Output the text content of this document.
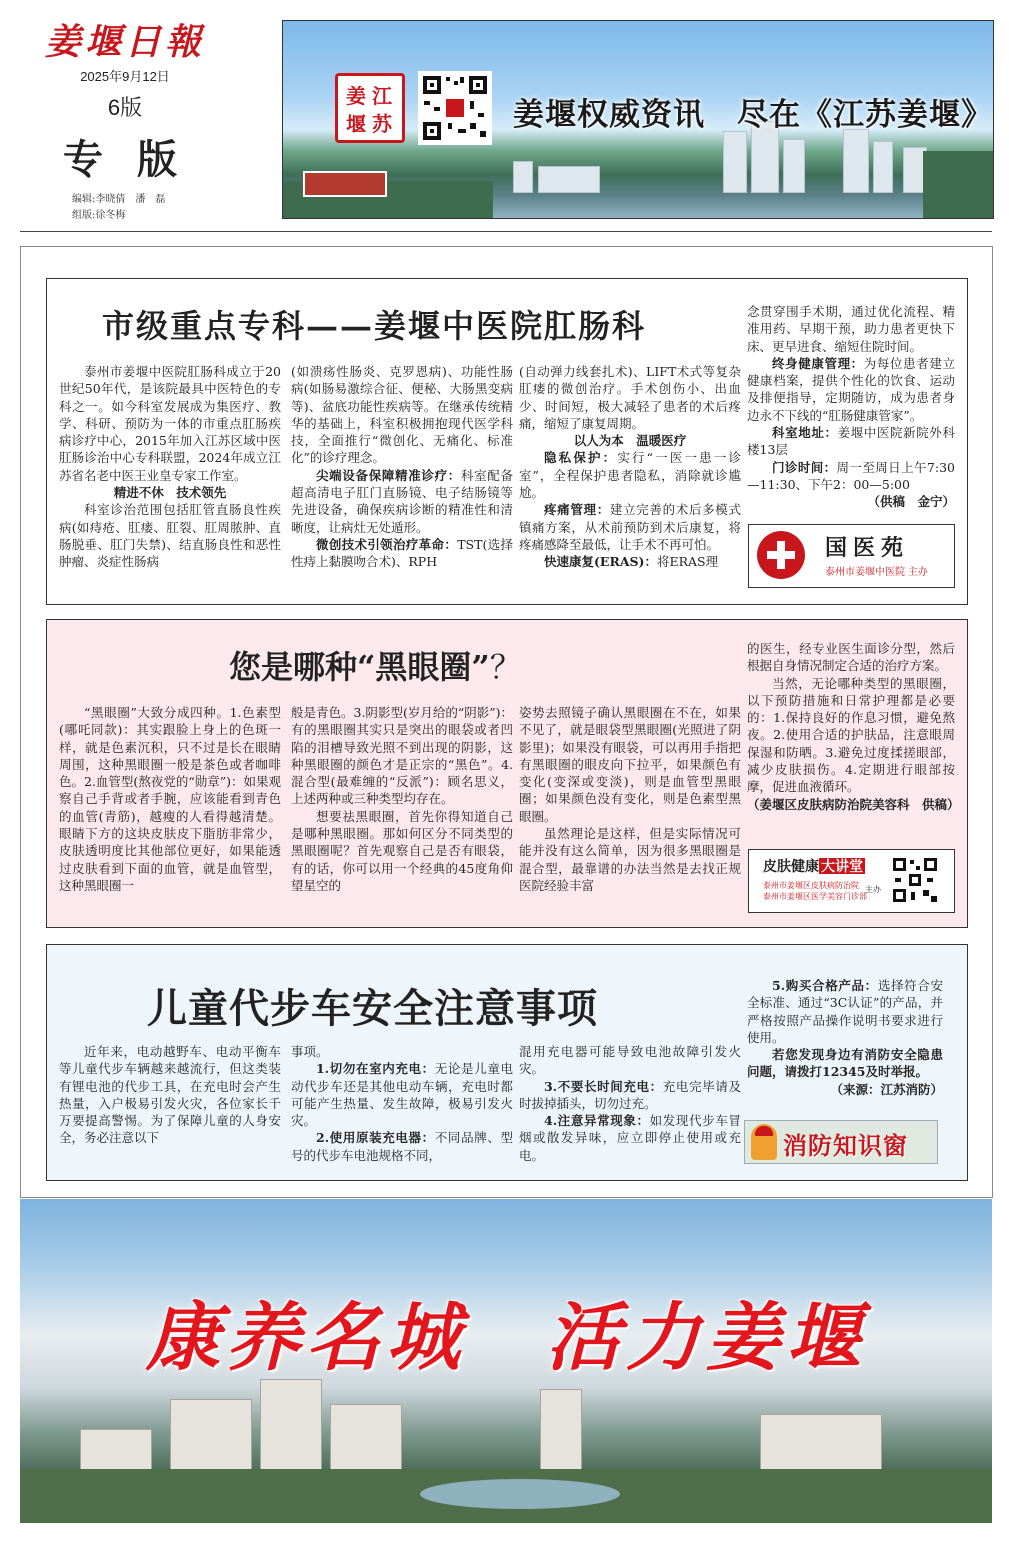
姜堰日報
2025年9月12日
6版
专 版
编辑:李晓倩　潘　磊
组版:徐冬梅
江
苏
姜
堰	姜堰权威资讯　尽在《江苏姜堰》
市级重点专科——姜堰中医院肛肠科

泰州市姜堰中医院肛肠科成立于20世纪50年代，是该院最具中医特色的专科之一。如今科室发展成为集医疗、教学、科研、预防为一体的市重点肛肠疾病诊疗中心，2015年加入江苏区域中医肛肠诊治中心专科联盟，2024年成立江苏省名老中医王业皇专家工作室。

精进不休　技术领先

科室诊治范围包括肛管直肠良性疾病(如痔疮、肛瘘、肛裂、肛周脓肿、直肠脱垂、肛门失禁)、结直肠良性和恶性肿瘤、炎症性肠病

(如溃疡性肠炎、克罗恩病)、功能性肠病(如肠易激综合征、便秘、大肠黑变病等)、盆底功能性疾病等。在继承传统精华的基础上，科室积极拥抱现代医学科技，全面推行“微创化、无痛化、标准化”的诊疗理念。

尖端设备保障精准诊疗：科室配备超高清电子肛门直肠镜、电子结肠镜等先进设备，确保疾病诊断的精准性和清晰度，让病灶无处遁形。

微创技术引领治疗革命：TST(选择性痔上黏膜吻合术)、RPH

(自动弹力线套扎术)、LIFT术式等复杂肛瘘的微创治疗。手术创伤小、出血少、时间短，极大减轻了患者的术后疼痛，缩短了康复周期。

以人为本　温暖医疗

隐私保护：实行“一医一患一诊室”，全程保护患者隐私，消除就诊尴尬。

疼痛管理：建立完善的术后多模式镇痛方案，从术前预防到术后康复，将疼痛感降至最低，让手术不再可怕。

快速康复(ERAS)：将ERAS理

念贯穿围手术期，通过优化流程、精准用药、早期干预，助力患者更快下床、更早进食、缩短住院时间。

终身健康管理：为每位患者建立健康档案，提供个性化的饮食、运动及排便指导，定期随访，成为患者身边永不下线的“肛肠健康管家”。

科室地址：姜堰中医院新院外科楼13层

门诊时间：周一至周日上午7:30—11:30、下午2：00—5:00

（供稿　金宁）

国医苑
泰州市姜堰中医院 主办
您是哪种“黑眼圈”？

“黑眼圈”大致分成四种。1.色素型(哪吒同款)：其实跟脸上身上的色斑一样，就是色素沉积，只不过是长在眼睛周围，这种黑眼圈一般是茶色或者咖啡色。2.血管型(熬夜党的“勋章”)：如果观察自己手背或者手腕，应该能看到青色的血管(青筋)，越瘦的人看得越清楚。眼睛下方的这块皮肤皮下脂肪非常少，皮肤透明度比其他部位更好，如果能透过皮肤看到下面的血管，就是血管型，这种黑眼圈一

般是青色。3.阴影型(岁月给的“阴影”)：有的黑眼圈其实只是突出的眼袋或者凹陷的泪槽导致光照不到出现的阴影，这种黑眼圈的颜色才是正宗的“黑色”。4.混合型(最难缠的“反派”)：顾名思义，上述两种或三种类型均存在。

想要祛黑眼圈，首先你得知道自己是哪种黑眼圈。那如何区分不同类型的黑眼圈呢？首先观察自己是否有眼袋，有的话，你可以用一个经典的45度角仰望星空的

姿势去照镜子确认黑眼圈在不在，如果不见了，就是眼袋型黑眼圈(光照进了阴影里)；如果没有眼袋，可以再用手指把有黑眼圈的眼皮向下拉平，如果颜色有变化(变深或变淡)，则是血管型黑眼圈；如果颜色没有变化，则是色素型黑眼圈。

虽然理论是这样，但是实际情况可能并没有这么简单，因为很多黑眼圈是混合型，最靠谱的办法当然是去找正规医院经验丰富

的医生，经专业医生面诊分型，然后根据自身情况制定合适的治疗方案。

当然，无论哪种类型的黑眼圈，以下预防措施和日常护理都是必要的：1.保持良好的作息习惯，避免熬夜。2.使用合适的护肤品，注意眼周保湿和防晒。3.避免过度揉搓眼部，减少皮肤损伤。4.定期进行眼部按摩，促进血液循环。

（姜堰区皮肤病防治院美容科　供稿）

皮肤健康 大讲堂
泰州市姜堰区皮肤病防治院
泰州市姜堰区医学美容门诊部
主办
儿童代步车安全注意事项

近年来，电动越野车、电动平衡车等儿童代步车辆越来越流行，但这类装有锂电池的代步工具，在充电时会产生热量，入户极易引发火灾，各位家长千万要提高警惕。为了保障儿童的人身安全，务必注意以下

事项。

1.切勿在室内充电：无论是儿童电动代步车还是其他电动车辆，充电时都可能产生热量、发生故障，极易引发火灾。

2.使用原装充电器：不同品牌、型号的代步车电池规格不同，

混用充电器可能导致电池故障引发火灾。

3.不要长时间充电：充电完毕请及时拔掉插头，切勿过充。

4.注意异常现象：如发现代步车冒烟或散发异味，应立即停止使用或充电。

5.购买合格产品：选择符合安全标准、通过“3C认证”的产品，并严格按照产品操作说明书要求进行使用。

若您发现身边有消防安全隐患问题，请拨打12345及时举报。

（来源：江苏消防）

消防知识窗
康养名城　活力姜堰
